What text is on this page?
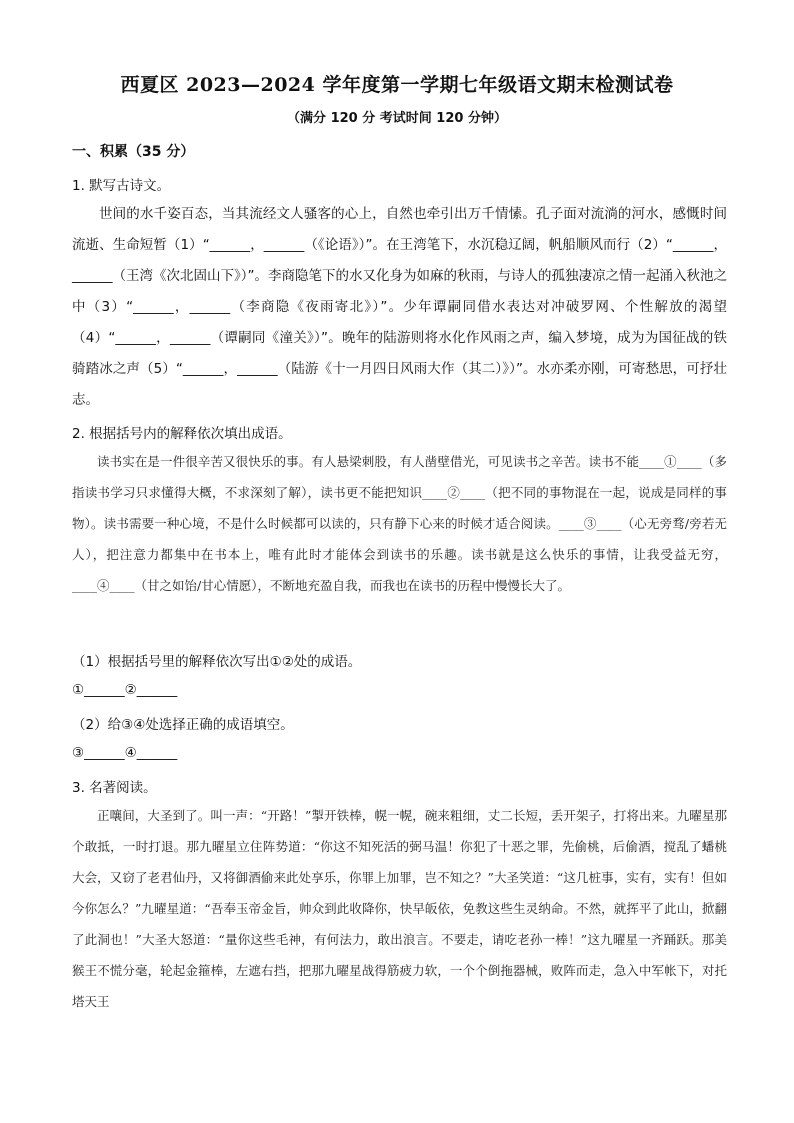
西夏区 2023—2024 学年度第一学期七年级语文期末检测试卷
（满分 120 分 考试时间 120 分钟）
一、积累（35 分）
1. 默写古诗文。

世间的水千姿百态，当其流经文人骚客的心上，自然也牵引出万千情愫。孔子面对流淌的河水，感慨时间流逝、生命短暂（1）“______，______（《论语》）”。在王湾笔下，水沉稳辽阔，帆船顺风而行（2）“______，______（王湾《次北固山下》）”。李商隐笔下的水又化身为如麻的秋雨，与诗人的孤独凄凉之情一起涌入秋池之中（3）“______，______（李商隐《夜雨寄北》）”。少年谭嗣同借水表达对冲破罗网、个性解放的渴望（4）“______，______（谭嗣同《潼关》）”。晚年的陆游则将水化作风雨之声，编入梦境，成为为国征战的铁骑踏冰之声（5）“______，______（陆游《十一月四日风雨大作（其二）》）”。水亦柔亦刚，可寄愁思，可抒壮志。

2. 根据括号内的解释依次填出成语。

读书实在是一件很辛苦又很快乐的事。有人悬梁刺股，有人凿壁借光，可见读书之辛苦。读书不能____①____（多指读书学习只求懂得大概，不求深刻了解），读书更不能把知识____②____（把不同的事物混在一起，说成是同样的事物）。读书需要一种心境，不是什么时候都可以读的，只有静下心来的时候才适合阅读。____③____（心无旁骛/旁若无人），把注意力都集中在书本上，唯有此时才能体会到读书的乐趣。读书就是这么快乐的事情，让我受益无穷，____④____（甘之如饴/甘心情愿），不断地充盈自我，而我也在读书的历程中慢慢长大了。

（1）根据括号里的解释依次写出①②处的成语。
①______②______
（2）给③④处选择正确的成语填空。
③______④______
3. 名著阅读。

正嚷间，大圣到了。叫一声：“开路！”掣开铁棒，幌一幌，碗来粗细，丈二长短，丢开架子，打将出来。九曜星那个敢抵，一时打退。那九曜星立住阵势道：“你这不知死活的弼马温！你犯了十恶之罪，先偷桃，后偷酒，搅乱了蟠桃大会，又窃了老君仙丹，又将御酒偷来此处享乐，你罪上加罪，岂不知之？”大圣笑道：“这几桩事，实有，实有！但如今你怎么？”九曜星道：“吾奉玉帝金旨，帅众到此收降你，快早皈依，免教这些生灵纳命。不然，就挥平了此山，掀翻了此洞也！”大圣大怒道：“量你这些毛神，有何法力，敢出浪言。不要走，请吃老孙一棒！”这九曜星一齐踊跃。那美猴王不慌分毫，轮起金箍棒，左遮右挡，把那九曜星战得筋疲力软，一个个倒拖器械，败阵而走，急入中军帐下，对托塔天王
